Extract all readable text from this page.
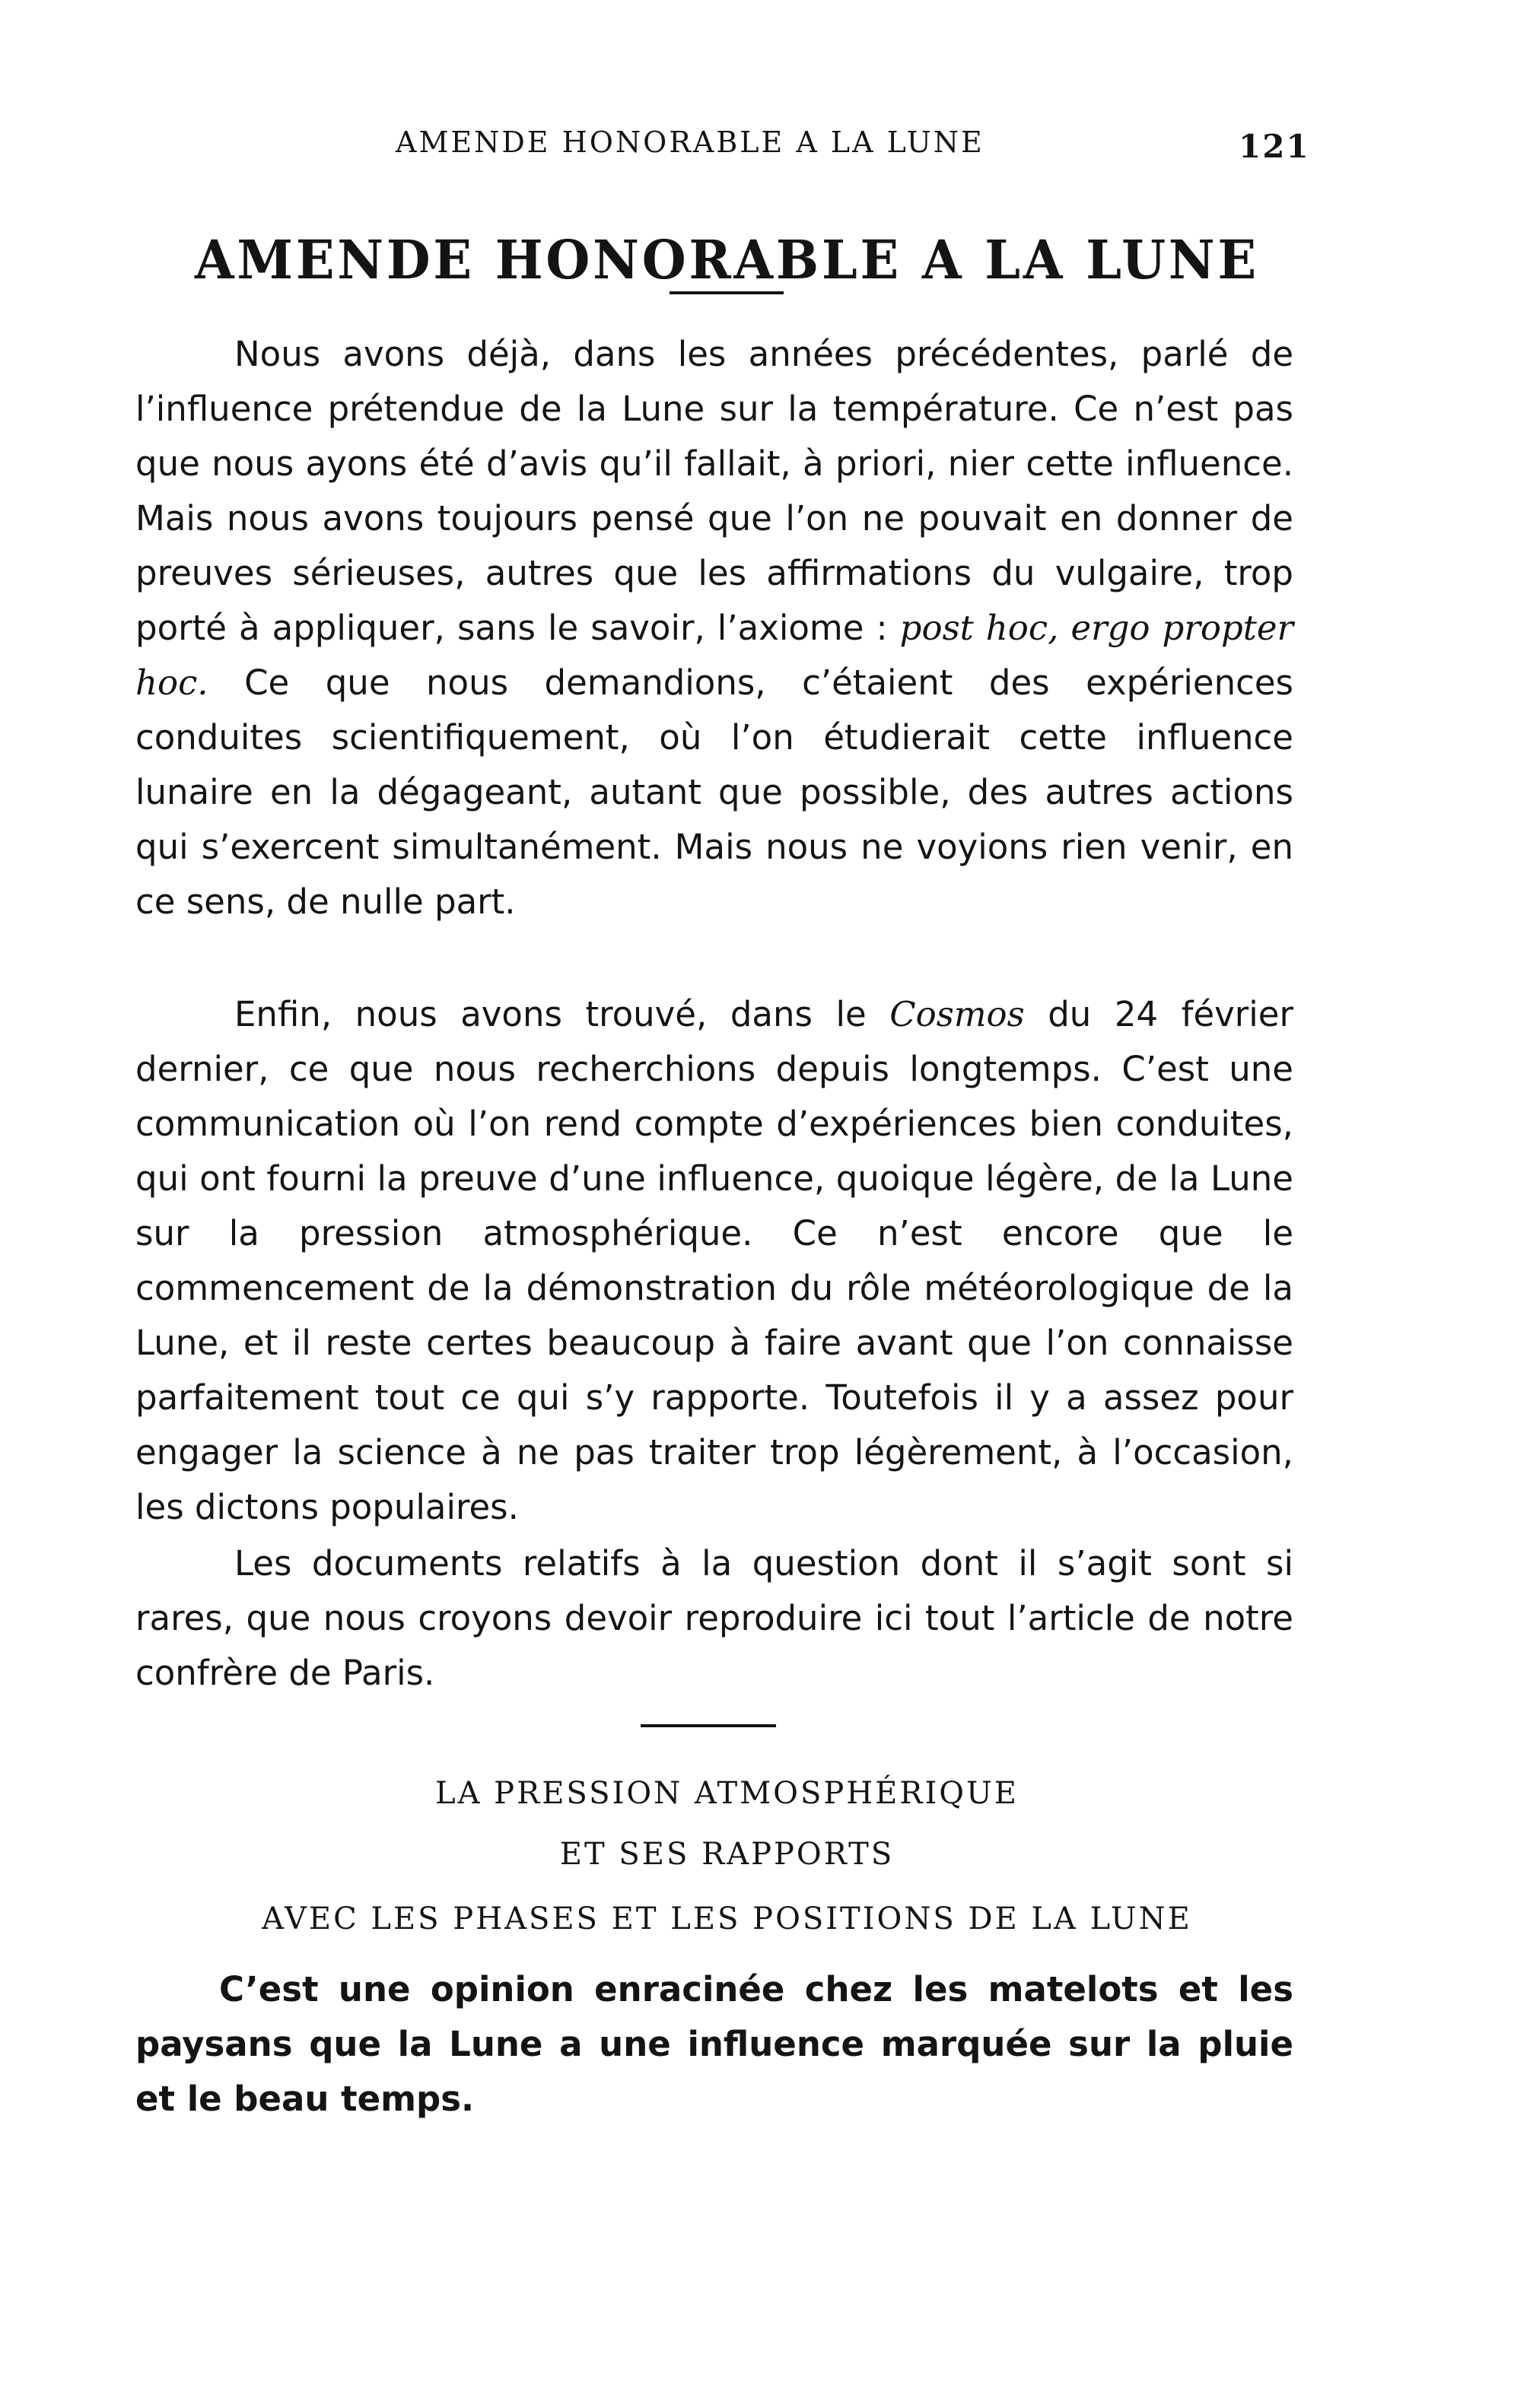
AMENDE HONORABLE A LA LUNE	121
AMENDE HONORABLE A LA LUNE

Nous avons déjà, dans les années précédentes, parlé de l’influence prétendue de la Lune sur la température. Ce n’est pas que nous ayons été d’avis qu’il fallait, à priori, nier cette influence. Mais nous avons toujours pensé que l’on ne pouvait en donner de preuves sérieuses, autres que les affirmations du vulgaire, trop porté à appliquer, sans le savoir, l’axiome : post hoc, ergo propter hoc. Ce que nous demandions, c’étaient des expériences conduites scientifiquement, où l’on étudierait cette influence lunaire en la dégageant, autant que possible, des autres actions qui s’exercent simultanément. Mais nous ne voyions rien venir, en ce sens, de nulle part.

Enfin, nous avons trouvé, dans le Cosmos du 24 février dernier, ce que nous recherchions depuis longtemps. C’est une communication où l’on rend compte d’expériences bien conduites, qui ont fourni la preuve d’une influence, quoique légère, de la Lune sur la pression atmosphérique. Ce n’est encore que le commencement de la démonstration du rôle météorologique de la Lune, et il reste certes beaucoup à faire avant que l’on connaisse parfaitement tout ce qui s’y rapporte. Toutefois il y a assez pour engager la science à ne pas traiter trop légèrement, à l’occasion, les dictons populaires.

Les documents relatifs à la question dont il s’agit sont si rares, que nous croyons devoir reproduire ici tout l’article de notre confrère de Paris.

LA PRESSION ATMOSPHÉRIQUE
ET SES RAPPORTS
AVEC LES PHASES ET LES POSITIONS DE LA LUNE

C’est une opinion enracinée chez les matelots et les paysans que la Lune a une influence marquée sur la pluie et le beau temps.
